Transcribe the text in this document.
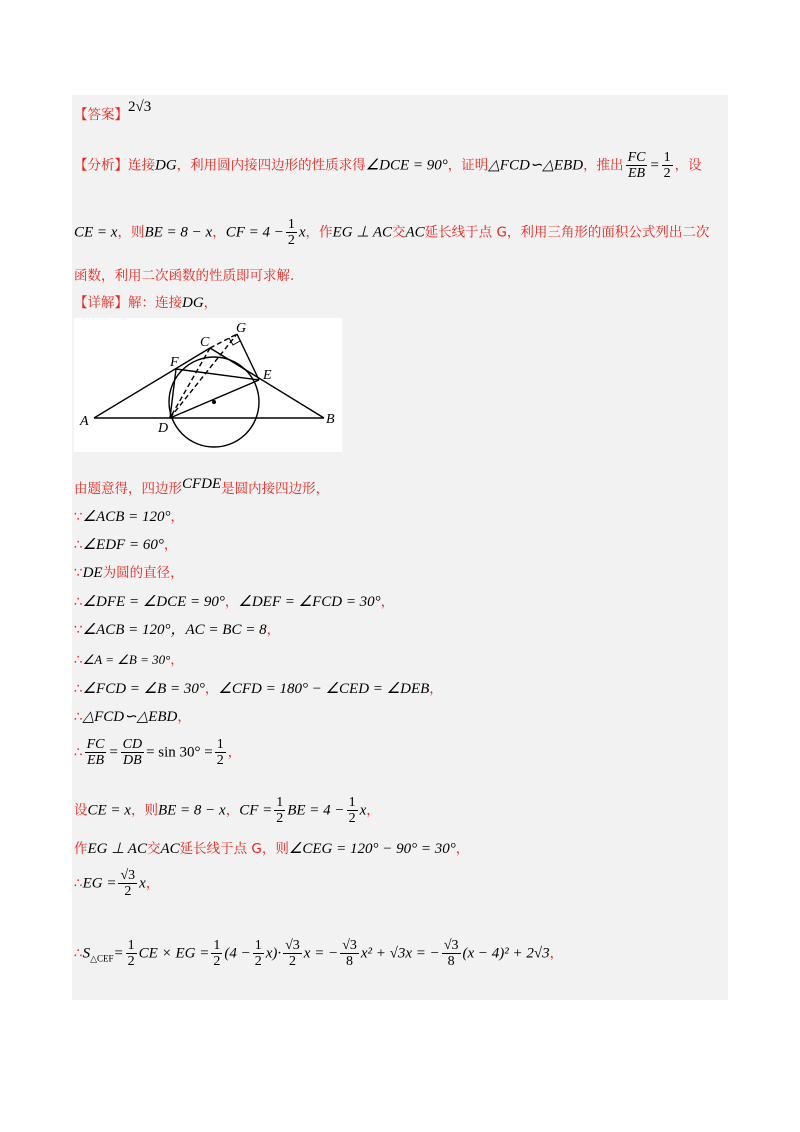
【答案】2√3
【分析】连接DG，利用圆内接四边形的性质求得∠DCE = 90°，证明△FCD∽△EBD，推出 $\frac{FC}{EB} = \frac{1}{2}$ ，设
CE = x，则BE = 8 − x，CF = $4 - \frac{1}{2}$ x，作EG ⊥ AC交AC延长线于点 G，利用三角形的面积公式列出二次
函数，利用二次函数的性质即可求解.
【详解】解：连接DG，
A	B
C
D
E
F
G
由题意得，四边形CFDE是圆内接四边形，
∵∠ACB = 120°，
∴∠EDF = 60°，
∵DE为圆的直径，
∴∠DFE = ∠DCE = 90°，∠DEF = ∠FCD = 30°，
∵∠ACB = 120°，AC = BC = 8，
∴∠A = ∠B = 30°，
∴∠FCD = ∠B = 30°，∠CFD = 180° − ∠CED = ∠DEB，
∴△FCD∽△EBD，
∴ $\frac{FC}{EB} = \frac{CD}{DB} = \sin 30^\circ = \frac{1}{2}$ ，
设CE = x，则BE = 8 − x，CF = $\frac{1}{2}$ BE = $4 - \frac{1}{2}$ x，
作EG ⊥ AC交AC延长线于点 G，则∠CEG = 120° − 90° = 30°，
∴EG = $\frac{√3}{2}$ x，
$\therefore S_{\triangle CEF}= \frac{1}{2}$ CE × EG = $\frac{1}{2} (4 - \frac{1}{2} x)\cdot \frac{√3}{2}$ x = − $\frac{√3}{8} x^2 + √3x$ = − $\frac{√3}{8} (x - 4)^2 + 2√3$，
